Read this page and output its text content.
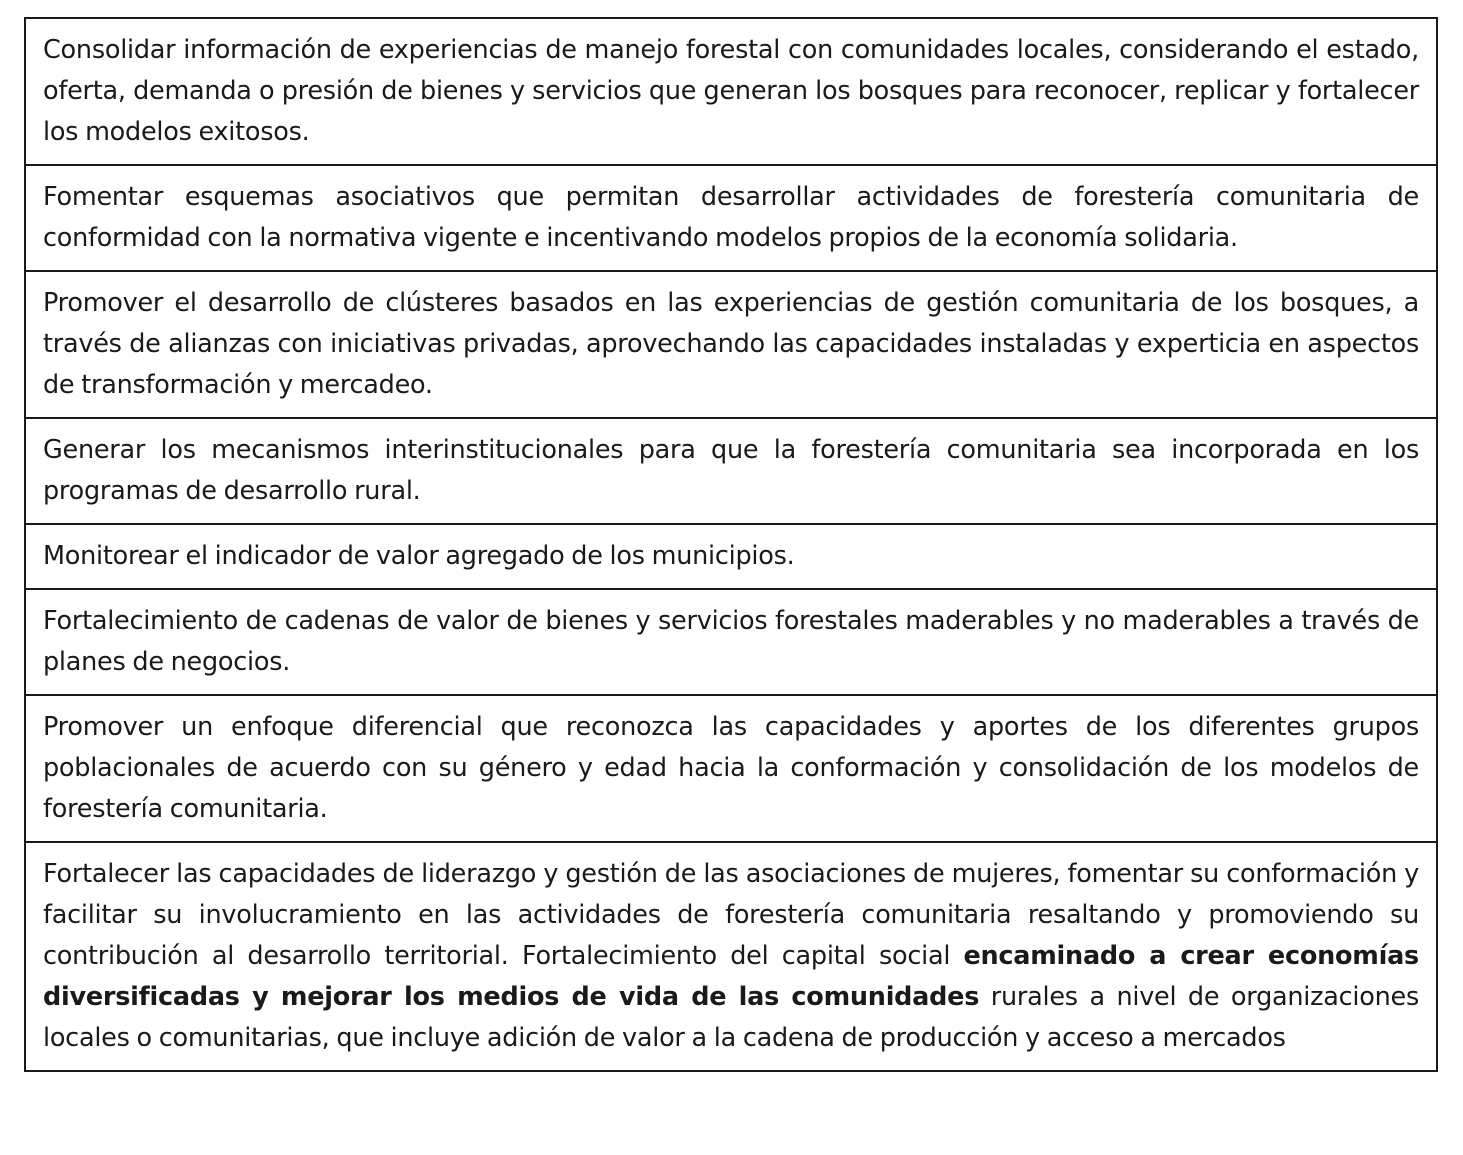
Consolidar información de experiencias de manejo forestal con comunidades locales, considerando el estado, oferta, demanda o presión de bienes y servicios que generan los bosques para reconocer, replicar y fortalecer los modelos exitosos.
Fomentar esquemas asociativos que permitan desarrollar actividades de forestería comunitaria de conformidad con la normativa vigente e incentivando modelos propios de la economía solidaria.
Promover el desarrollo de clústeres basados en las experiencias de gestión comunitaria de los bosques, a través de alianzas con iniciativas privadas, aprovechando las capacidades instaladas y experticia en aspectos de transformación y mercadeo.
Generar los mecanismos interinstitucionales para que la forestería comunitaria sea incorporada en los programas de desarrollo rural.
Monitorear el indicador de valor agregado de los municipios.
Fortalecimiento de cadenas de valor de bienes y servicios forestales maderables y no maderables a través de planes de negocios.
Promover un enfoque diferencial que reconozca las capacidades y aportes de los diferentes grupos poblacionales de acuerdo con su género y edad hacia la conformación y consolidación de los modelos de forestería comunitaria.
Fortalecer las capacidades de liderazgo y gestión de las asociaciones de mujeres, fomentar su conformación y facilitar su involucramiento en las actividades de forestería comunitaria resaltando y promoviendo su contribución al desarrollo territorial. Fortalecimiento del capital social encaminado a crear economías diversificadas y mejorar los medios de vida de las comunidades rurales a nivel de organizaciones locales o comunitarias, que incluye adición de valor a la cadena de producción y acceso a mercados
